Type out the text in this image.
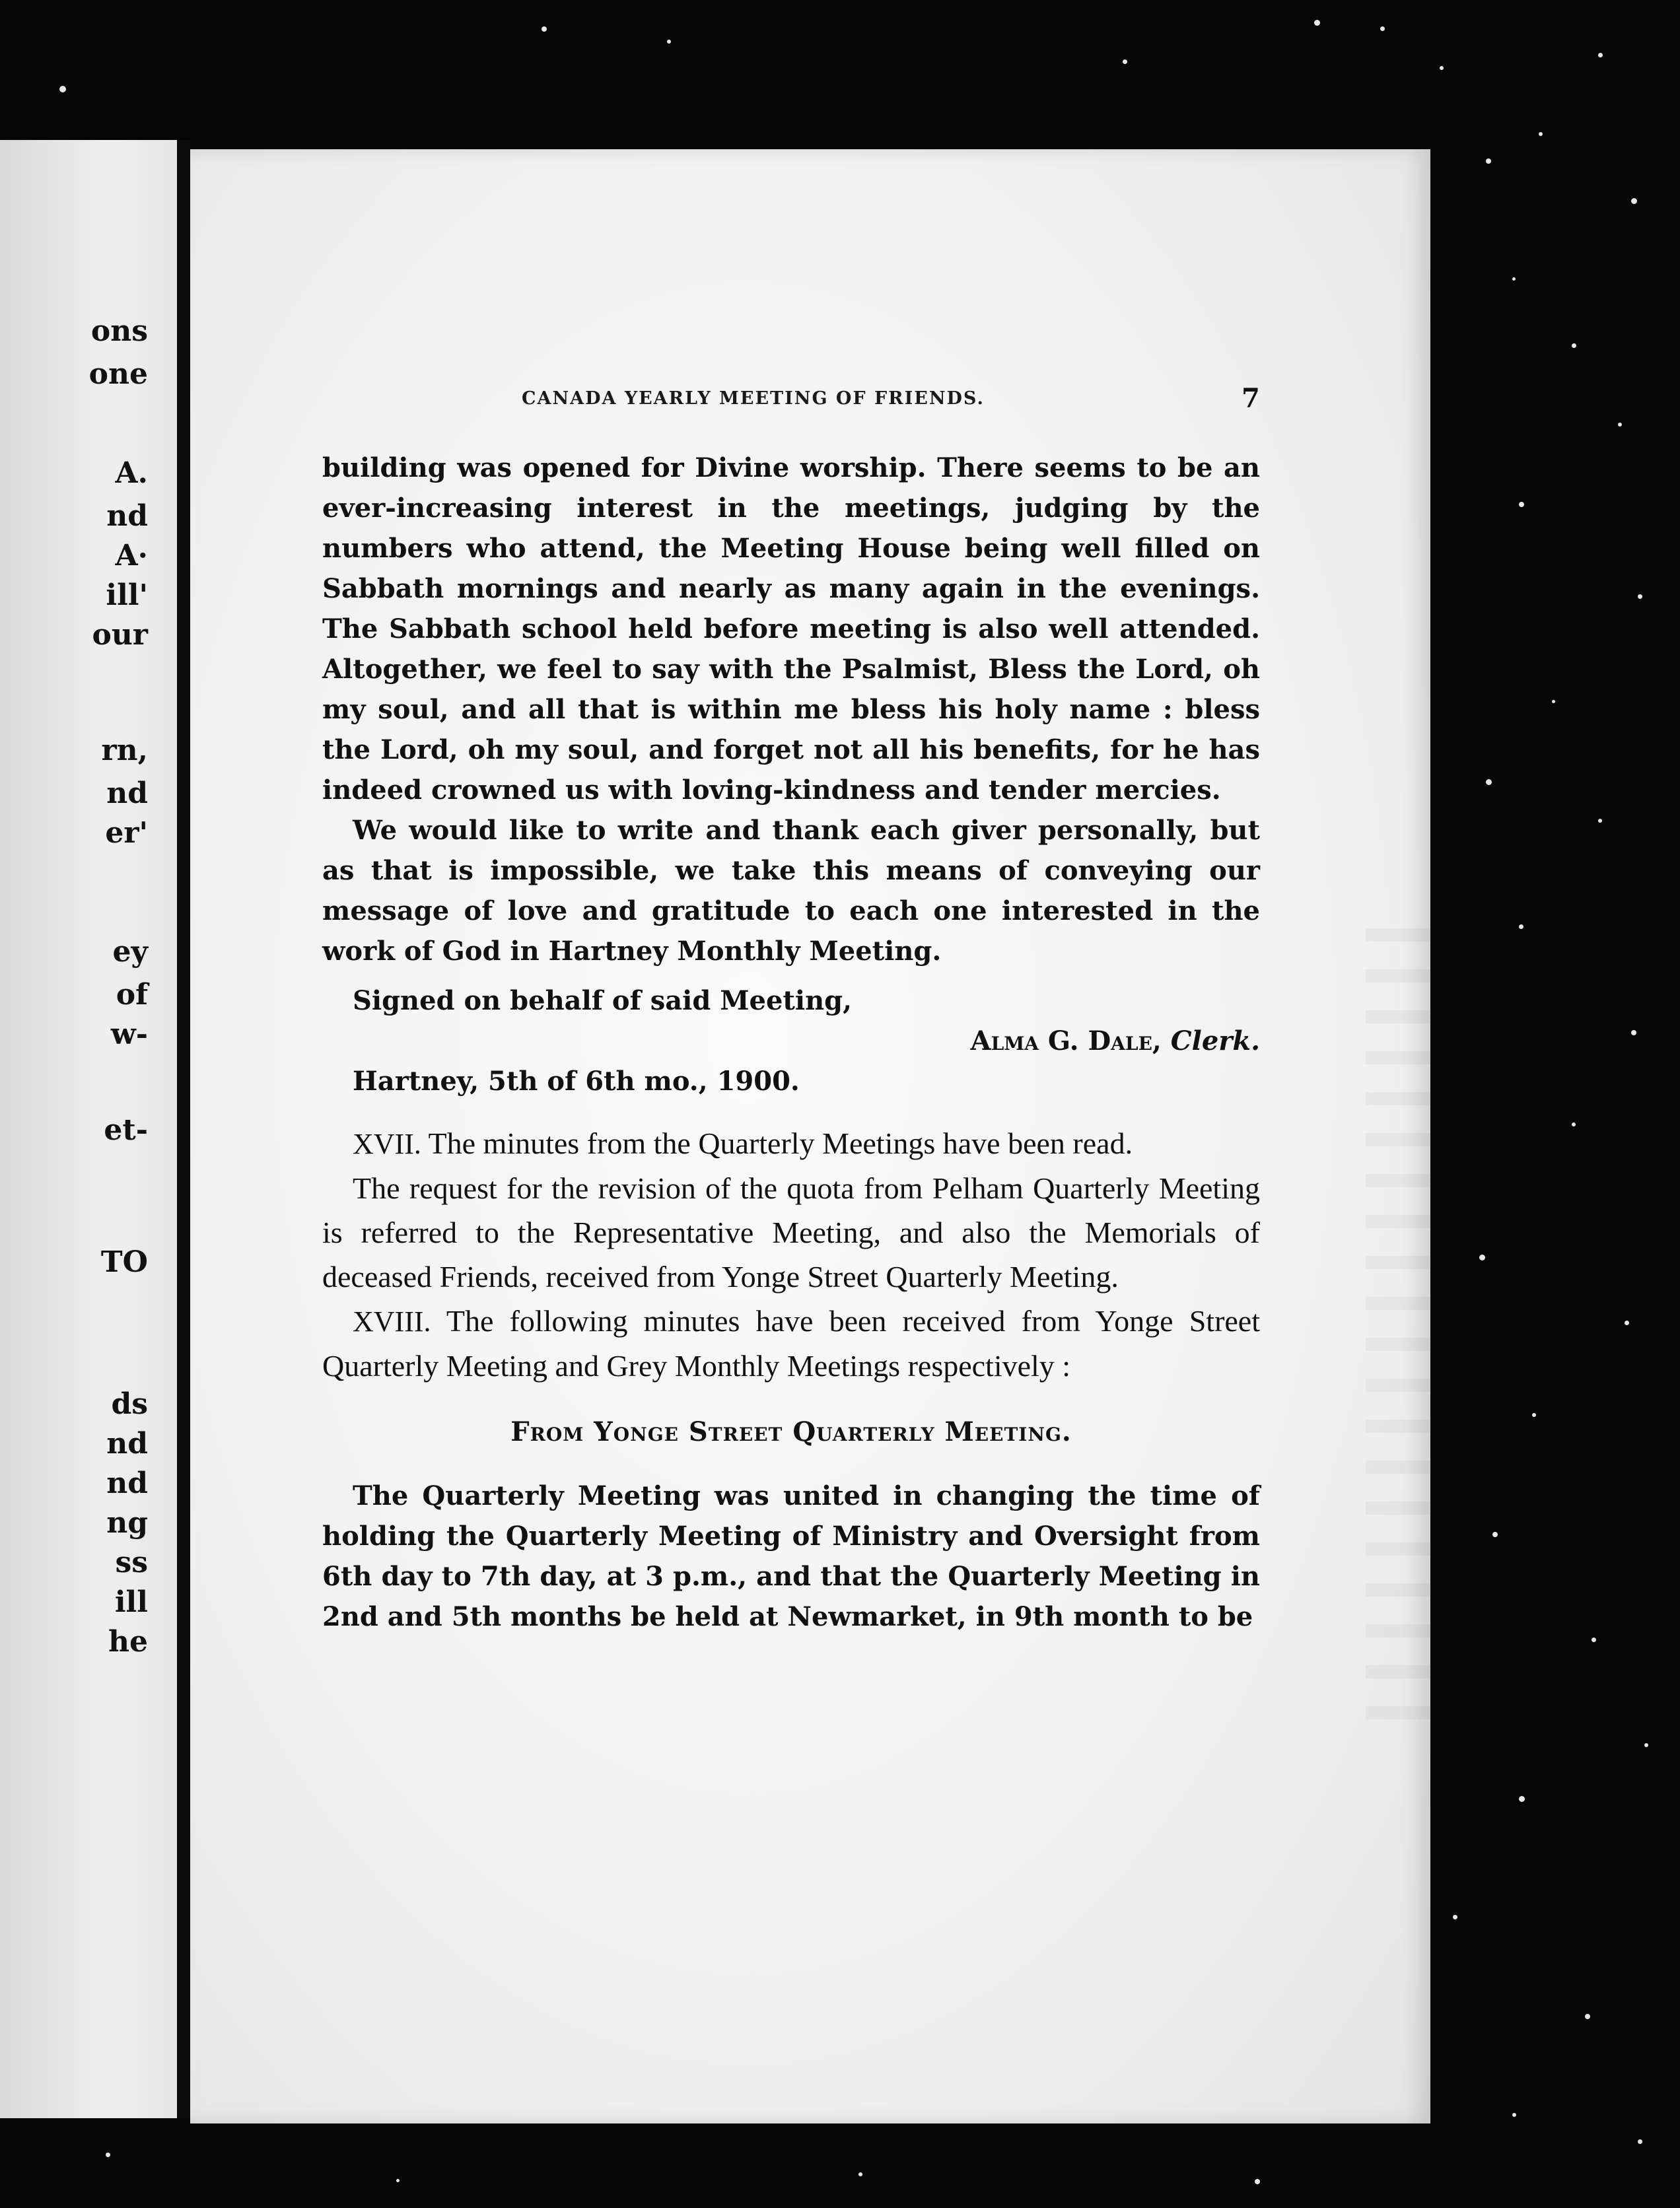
ons
one
A.
nd
A·
ill'
our
rn,
nd
er'
ey
of
w-
et-
TO
ds
nd
nd
ng
ss
ill
he
CANADA YEARLY MEETING OF FRIENDS.	7

building was opened for Divine worship. There seems to be an ever-increasing interest in the meetings, judging by the numbers who attend, the Meeting House being well filled on Sabbath mornings and nearly as many again in the evenings. The Sabbath school held before meeting is also well attended. Altogether, we feel to say with the Psalmist, Bless the Lord, oh my soul, and all that is within me bless his holy name : bless the Lord, oh my soul, and forget not all his benefits, for he has indeed crowned us with loving-kindness and tender mercies.

We would like to write and thank each giver personally, but as that is impossible, we take this means of conveying our message of love and gratitude to each one interested in the work of God in Hartney Monthly Meeting.

Signed on behalf of said Meeting,

Alma G. Dale, Clerk.

Hartney, 5th of 6th mo., 1900.

XVII. The minutes from the Quarterly Meetings have been read.

The request for the revision of the quota from Pelham Quarterly Meeting is referred to the Representative Meeting, and also the Memorials of deceased Friends, received from Yonge Street Quarterly Meeting.

XVIII. The following minutes have been received from Yonge Street Quarterly Meeting and Grey Monthly Meetings respectively :

From Yonge Street Quarterly Meeting.

The Quarterly Meeting was united in changing the time of holding the Quarterly Meeting of Ministry and Oversight from 6th day to 7th day, at 3 p.m., and that the Quarterly Meeting in 2nd and 5th months be held at Newmarket, in 9th month to be
